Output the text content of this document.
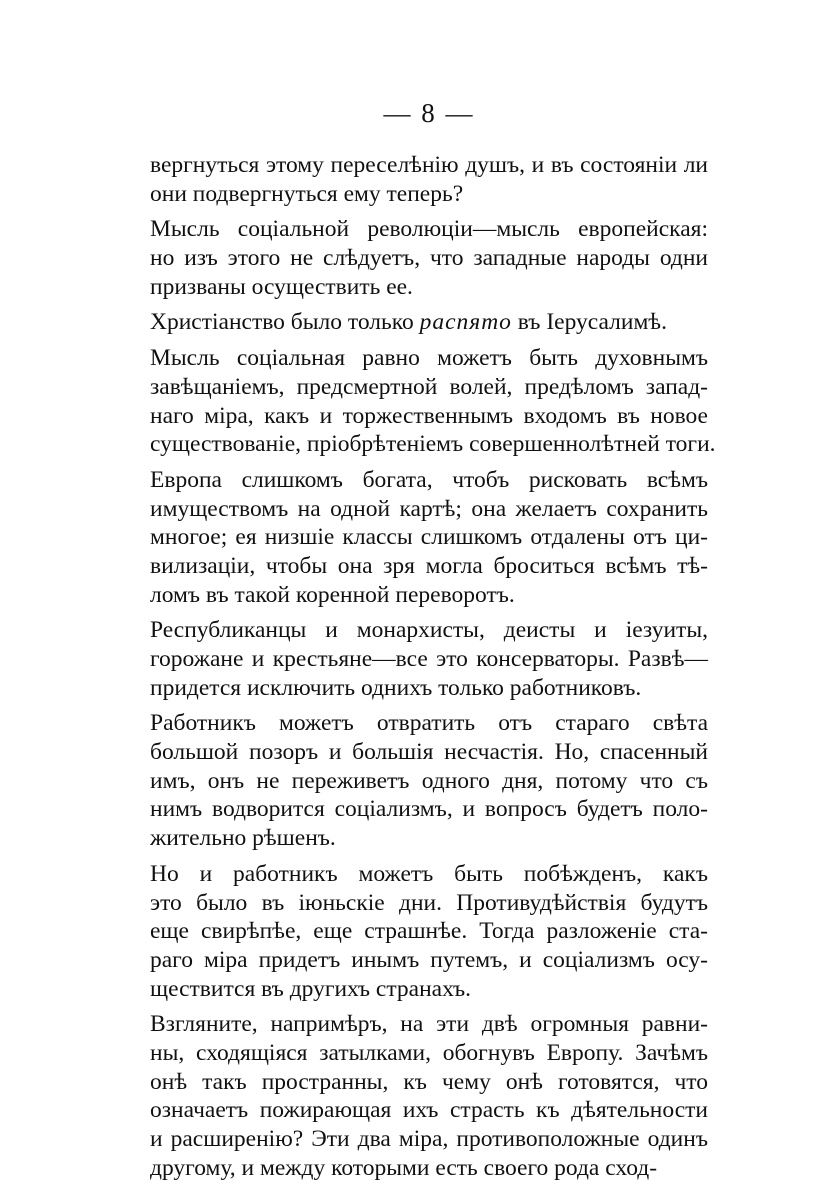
— 8 —
вергнуться этому переселѣнію душъ, и въ состояніи ли
они подвергнуться ему теперь?
Мысль соціальной революціи—мысль европейская:
но изъ этого не слѣдуетъ, что западные народы одни
призваны осуществить ее.
Христіанство было только распято въ Іерусалимѣ.
Мысль соціальная равно можетъ быть духовнымъ
завѣщаніемъ, предсмертной волей, предѣломъ запад-
наго міра, какъ и торжественнымъ входомъ въ новое
существованіе, пріобрѣтеніемъ совершеннолѣтней тоги.
Европа слишкомъ богата, чтобъ рисковать всѣмъ
имуществомъ на одной картѣ; она желаетъ сохранить
многое; ея низшіе классы слишкомъ отдалены отъ ци-
вилизаціи, чтобы она зря могла броситься всѣмъ тѣ-
ломъ въ такой коренной переворотъ.
Республиканцы и монархисты, деисты и іезуиты,
горожане и крестьяне—все это консерваторы. Развѣ—
придется исключить однихъ только работниковъ.
Работникъ можетъ отвратить отъ стараго свѣта
большой позоръ и большія несчастія. Но, спасенный
имъ, онъ не переживетъ одного дня, потому что съ
нимъ водворится соціализмъ, и вопросъ будетъ поло-
жительно рѣшенъ.
Но и работникъ можетъ быть побѣжденъ, какъ
это было въ іюньскіе дни. Противудѣйствія будутъ
еще свирѣпѣе, еще страшнѣе. Тогда разложеніе ста-
раго міра придетъ инымъ путемъ, и соціализмъ осу-
ществится въ другихъ странахъ.
Взгляните, напримѣръ, на эти двѣ огромныя равни-
ны, сходящіяся затылками, обогнувъ Европу. Зачѣмъ
онѣ такъ пространны, къ чему онѣ готовятся, что
означаетъ пожирающая ихъ страсть къ дѣятельности
и расширенію? Эти два міра, противоположные одинъ
другому, и между которыми есть своего рода сход-
